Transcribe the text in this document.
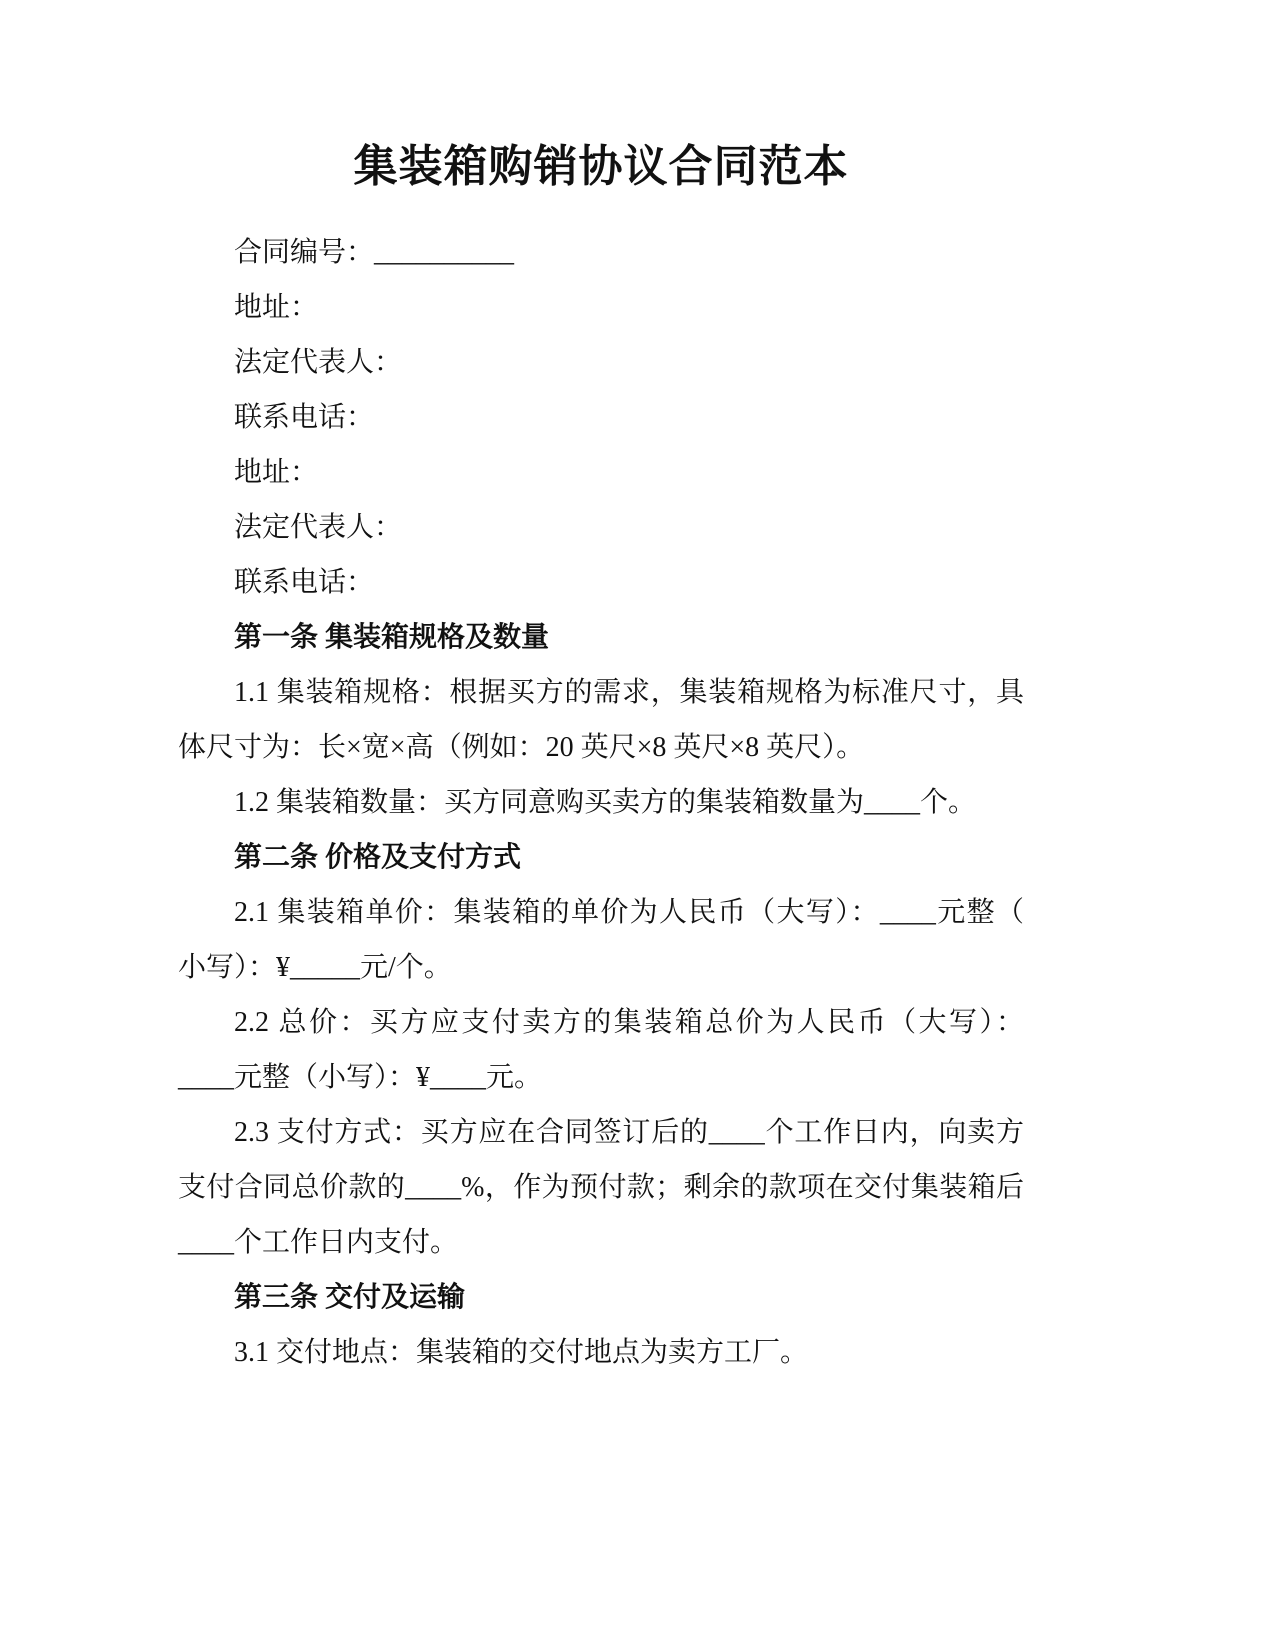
集装箱购销协议合同范本
合同编号：__________
地址：
法定代表人：
联系电话：
地址：
法定代表人：
联系电话：
第一条 集装箱规格及数量
1.1 集装箱规格：根据买方的需求，集装箱规格为标准尺寸，具
体尺寸为：长×宽×高（例如：20 英尺×8 英尺×8 英尺）。
1.2 集装箱数量：买方同意购买卖方的集装箱数量为____个。
第二条 价格及支付方式
2.1 集装箱单价：集装箱的单价为人民币（大写）：____元整（
小写）：¥_____元/个。
2.2 总价：买方应支付卖方的集装箱总价为人民币（大写）：
____元整（小写）：¥____元。
2.3 支付方式：买方应在合同签订后的____个工作日内，向卖方
支付合同总价款的____%，作为预付款；剩余的款项在交付集装箱后
____个工作日内支付。
第三条 交付及运输
3.1 交付地点：集装箱的交付地点为卖方工厂。
